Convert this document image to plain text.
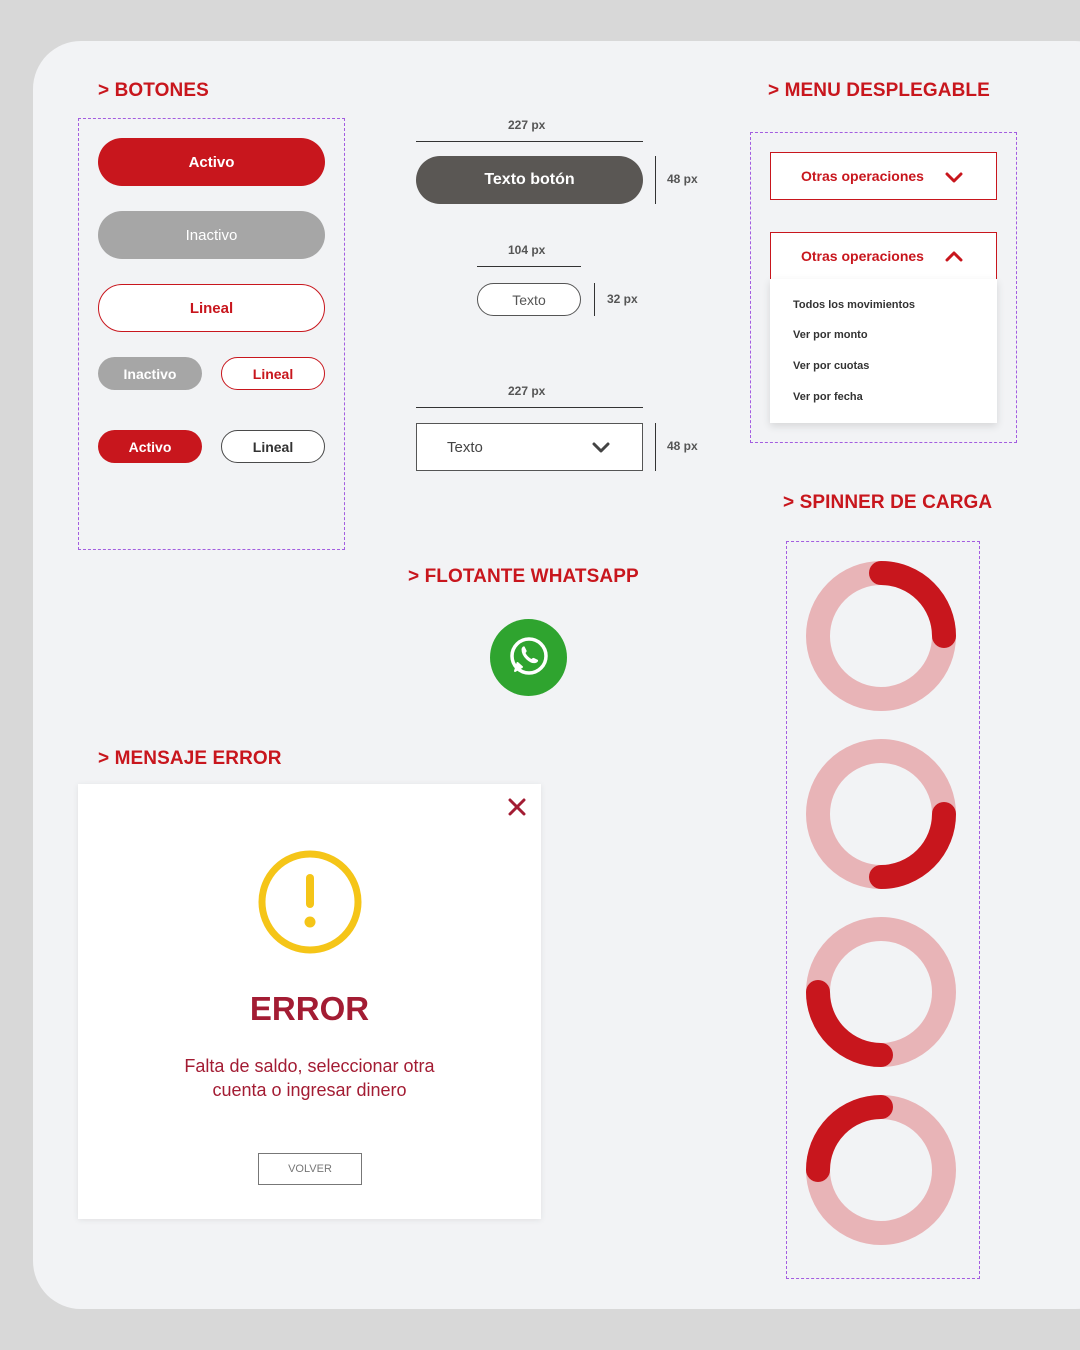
> BOTONES
Activo
Inactivo
Lineal
Inactivo	Lineal
Activo	Lineal
227 px
Texto botón	48 px
104 px
Texto	32 px
227 px
Texto	48 px
> MENU DESPLEGABLE
Otras operaciones
Otras operaciones
Todos los movimientos
Ver por monto
Ver por cuotas
Ver por fecha
> SPINNER DE CARGA
> FLOTANTE WHATSAPP
> MENSAJE ERROR
ERROR
Falta de saldo, seleccionar otra
cuenta o ingresar dinero
VOLVER
